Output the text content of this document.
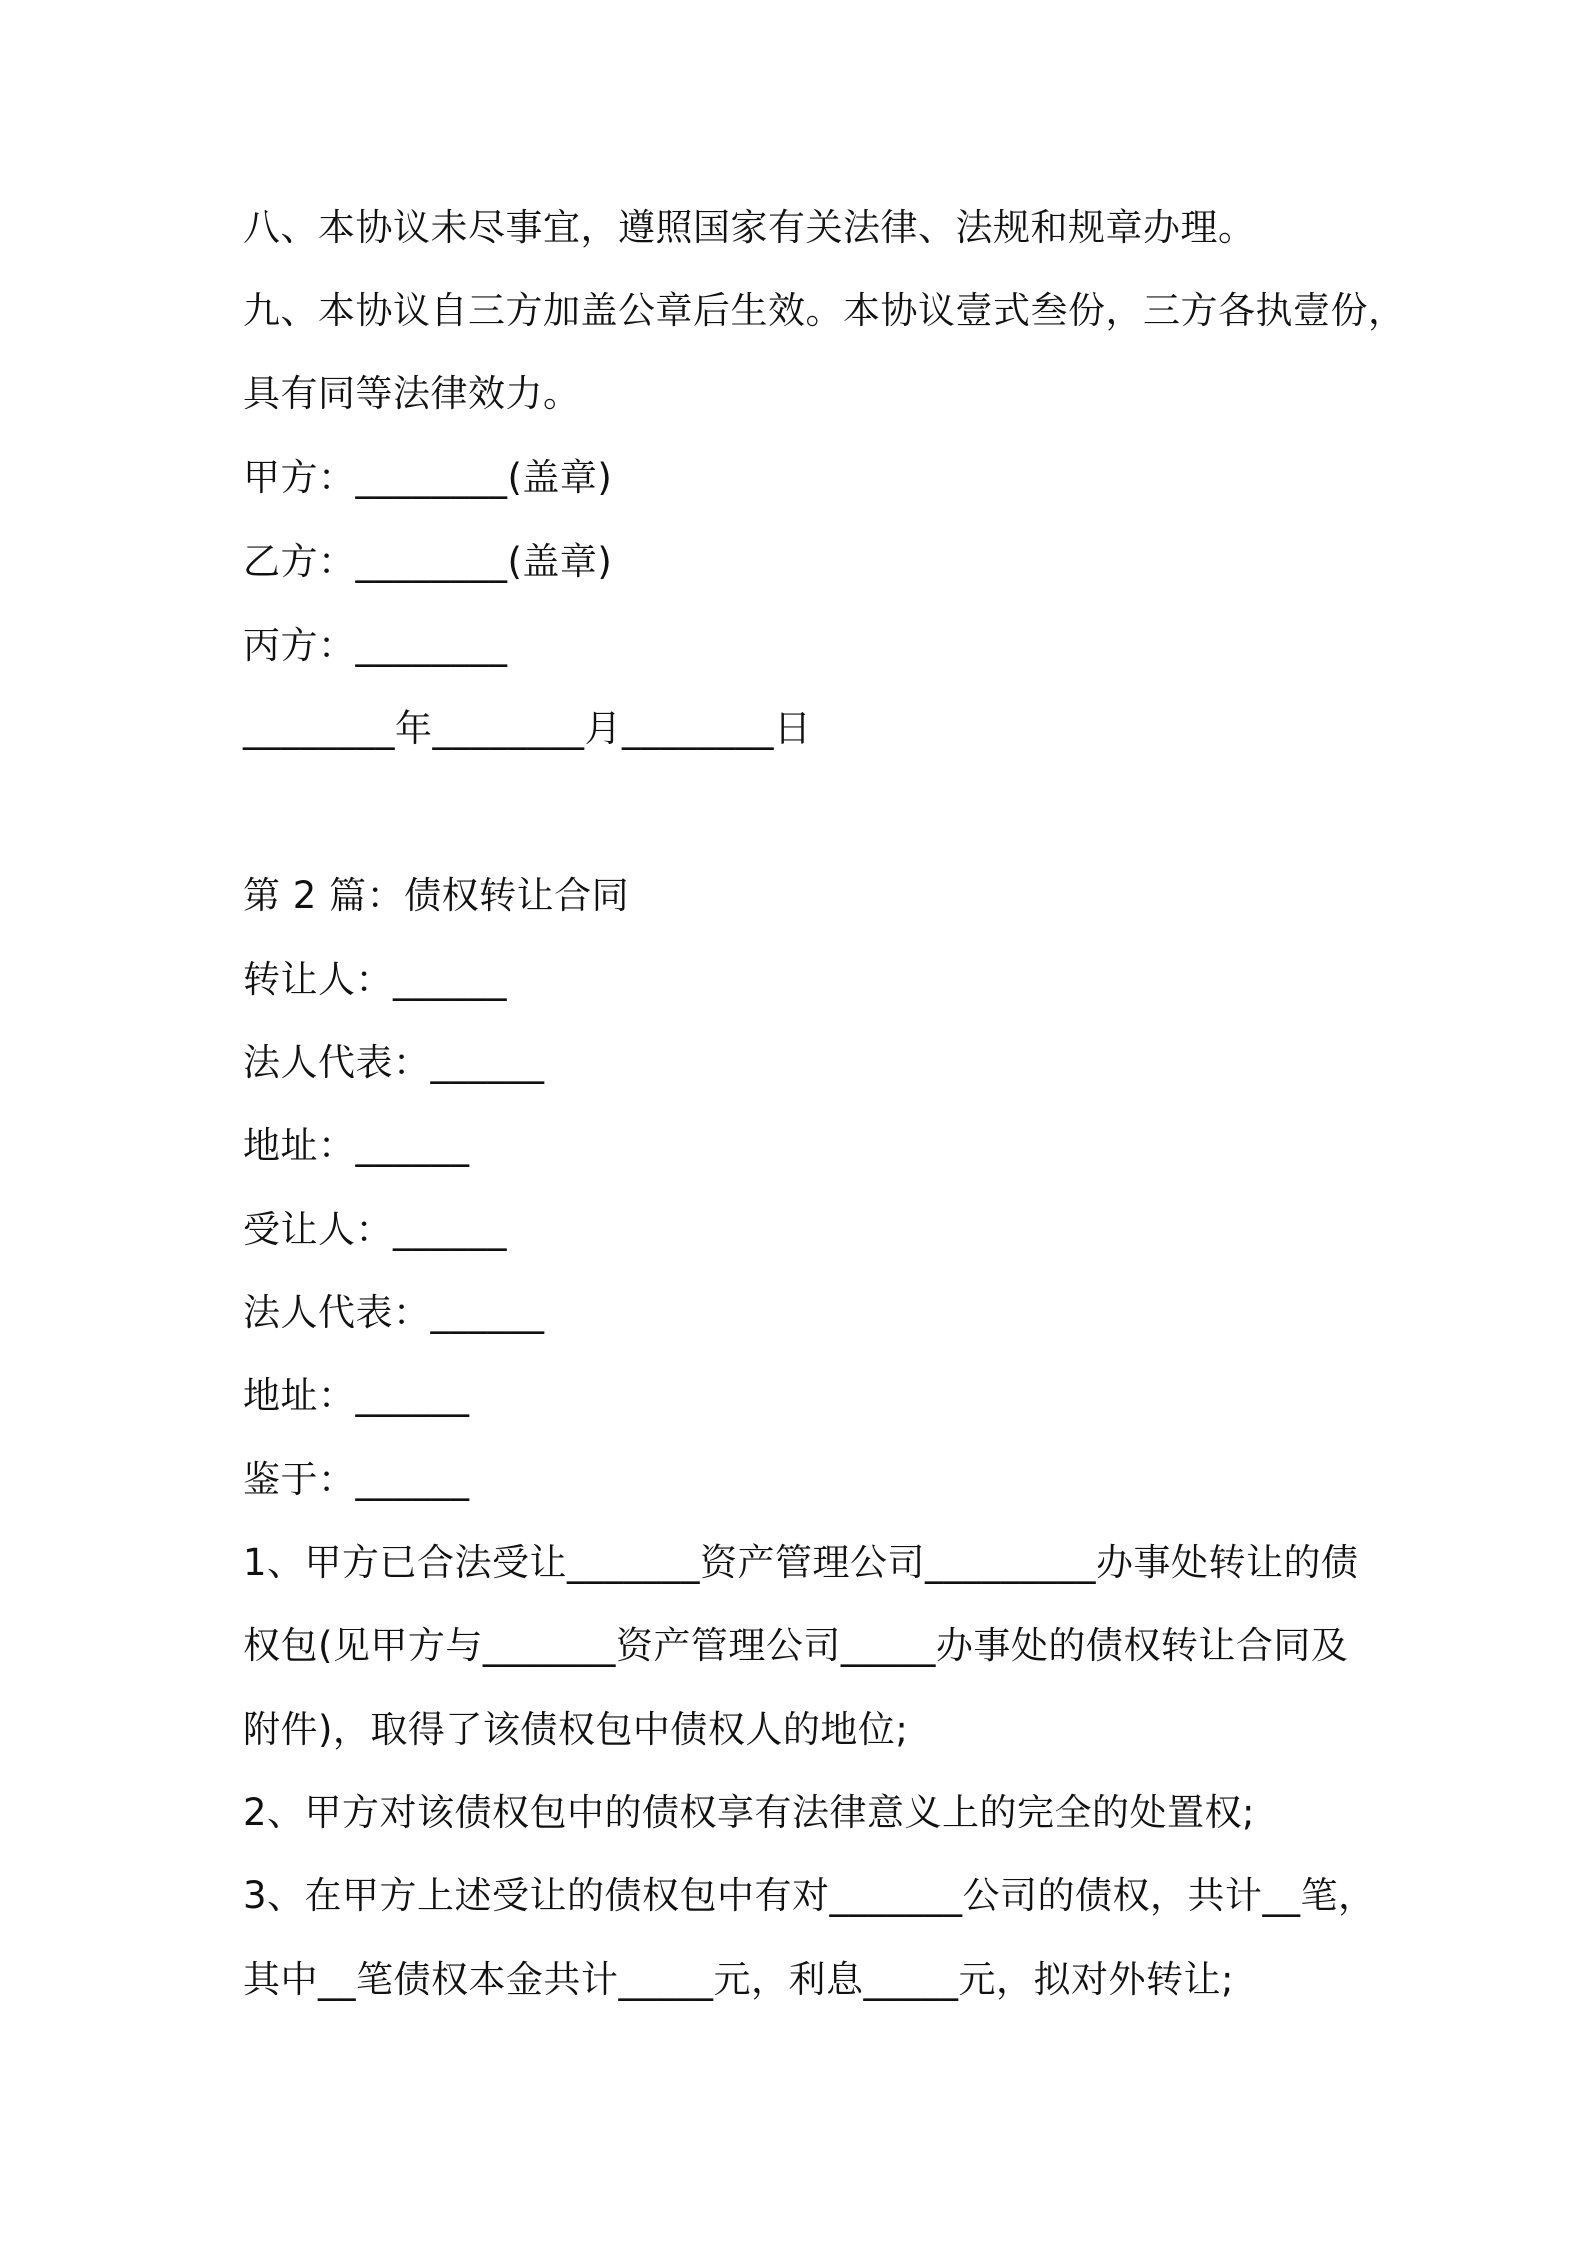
八、本协议未尽事宜，遵照国家有关法律、法规和规章办理。
九、本协议自三方加盖公章后生效。本协议壹式叁份，三方各执壹份，
具有同等法律效力。
甲方：________(盖章)
乙方：________(盖章)
丙方：________
________年________月________日
第 2 篇：债权转让合同
转让人：______
法人代表：______
地址：______
受让人：______
法人代表：______
地址：______
鉴于：______
1、甲方已合法受让_______资产管理公司_________办事处转让的债
权包(见甲方与_______资产管理公司_____办事处的债权转让合同及
附件)，取得了该债权包中债权人的地位;
2、甲方对该债权包中的债权享有法律意义上的完全的处置权;
3、在甲方上述受让的债权包中有对_______公司的债权，共计__笔，
其中__笔债权本金共计_____元，利息_____元，拟对外转让;
